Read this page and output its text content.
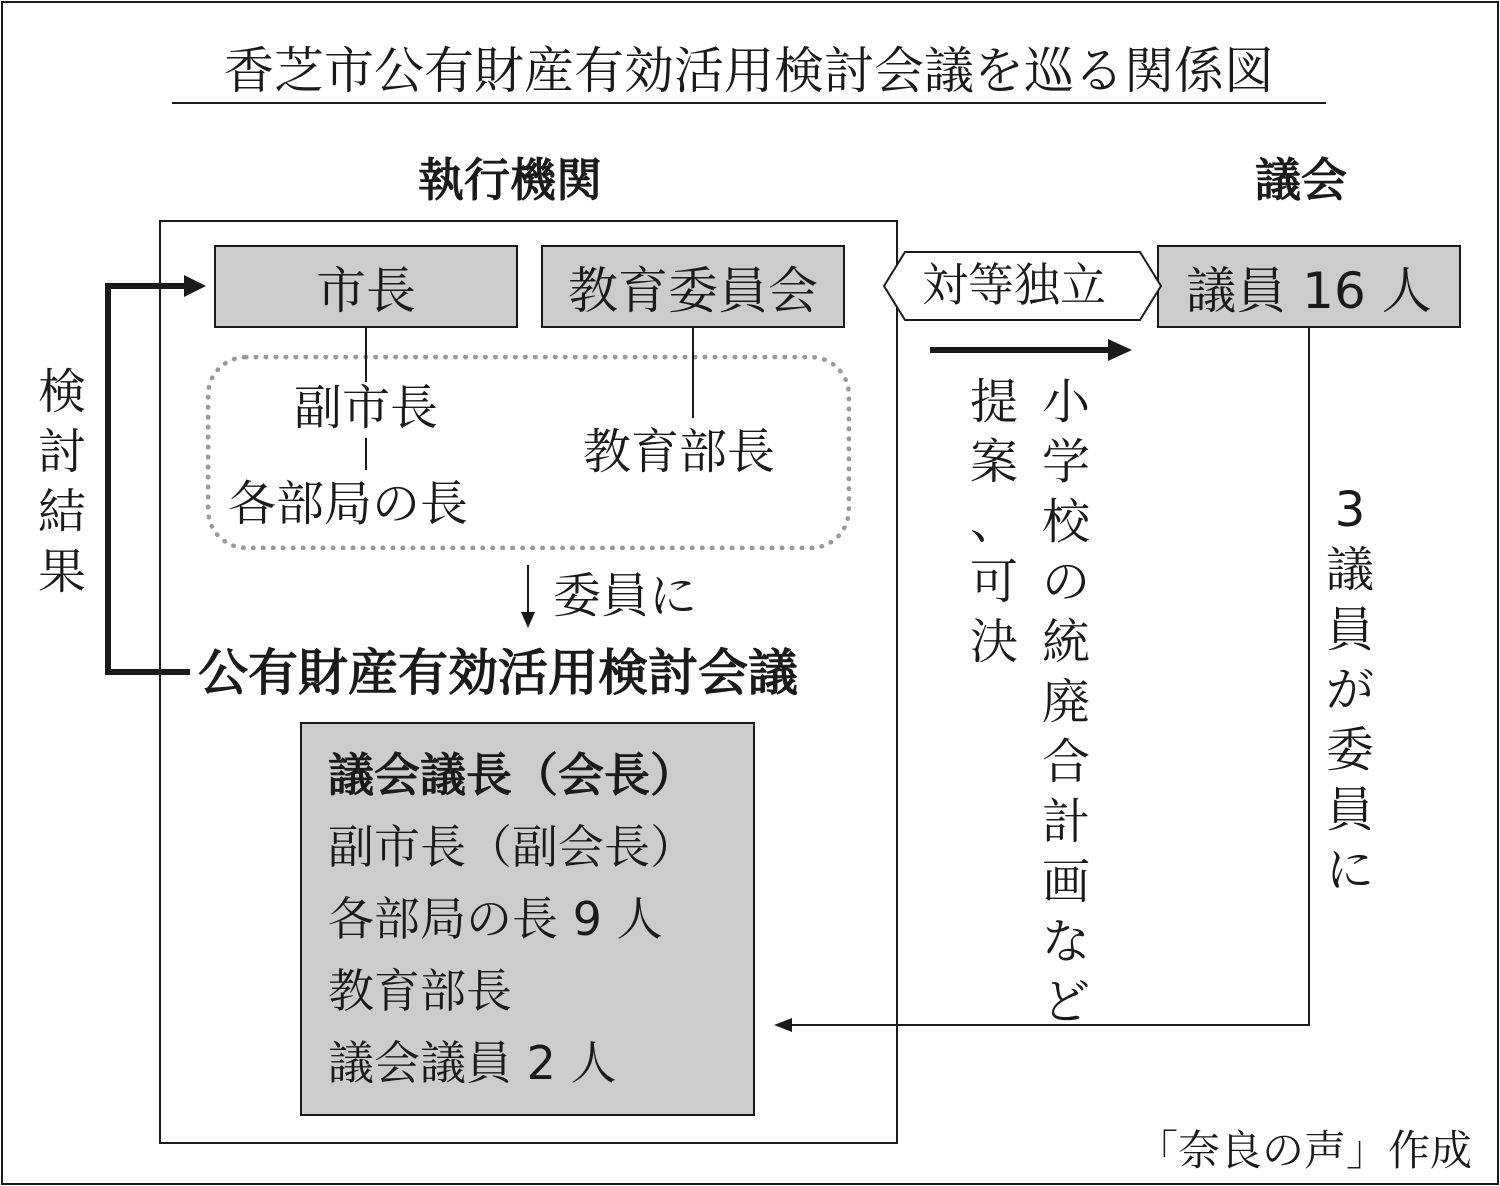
香芝市公有財産有効活用検討会議を巡る関係図
執行機関	議会
市長	教育委員会	議員 16 人
対等独立
副市長
各部局の長
教育部長
委員に
公有財産有効活用検討会議
議会議長（会長）
副市長（副会長）
各部局の長 9 人
教育部長
議会議員 2 人
検
討
結
果
小
学
校
の
統
廃
合
計
画
な
ど
提
案
、
可
決
3
議
員
が
委
員
に
「奈良の声」作成
